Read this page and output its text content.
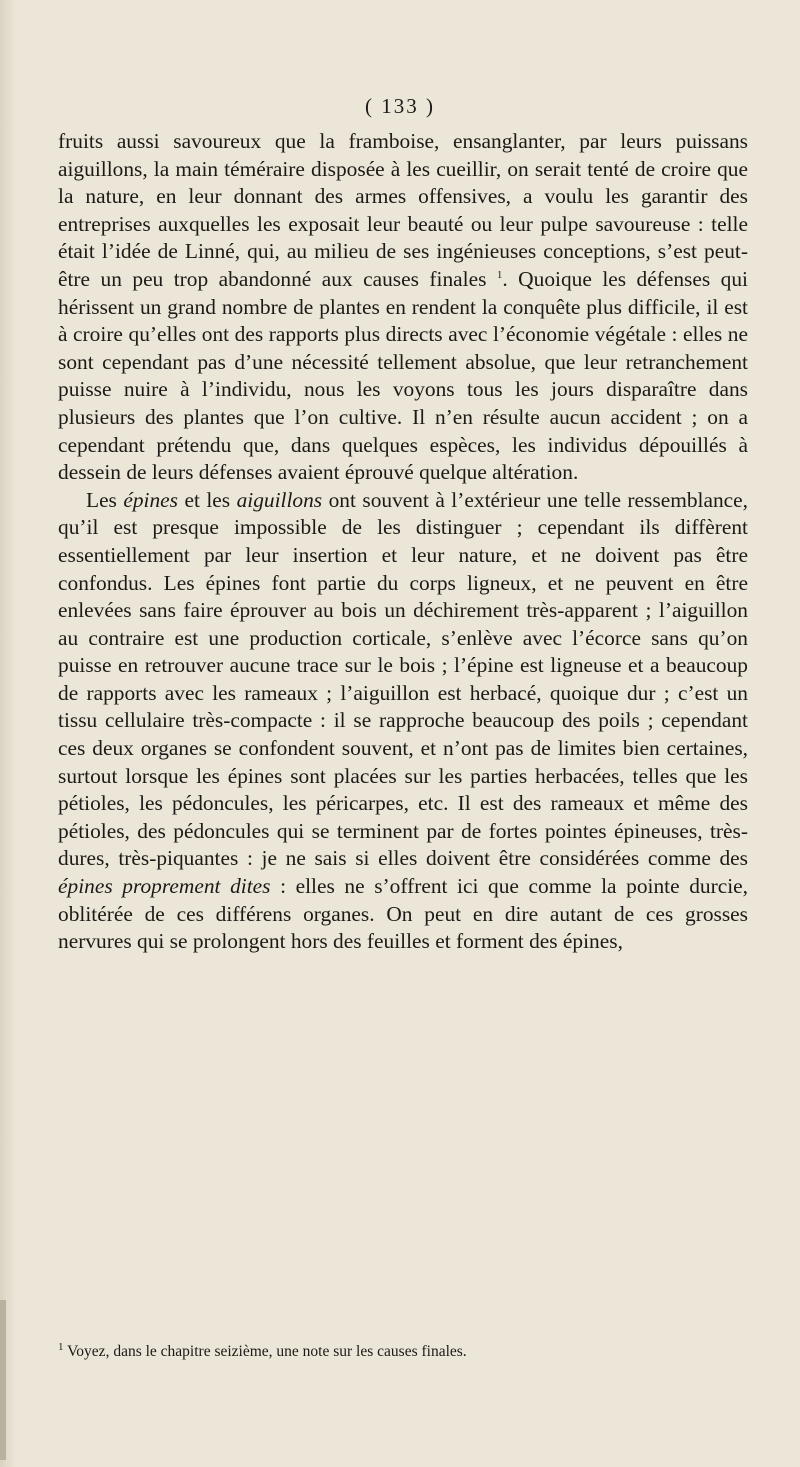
( 133 )

fruits aussi savoureux que la framboise, ensanglanter, par leurs puissans aiguillons, la main téméraire disposée à les cueillir, on serait tenté de croire que la nature, en leur donnant des armes offensives, a voulu les garantir des entreprises auxquelles les exposait leur beauté ou leur pulpe savoureuse : telle était l’idée de Linné, qui, au milieu de ses ingénieuses conceptions, s’est peut-être un peu trop abandonné aux causes finales $^1$. Quoique les défenses qui hérissent un grand nombre de plantes en rendent la conquête plus difficile, il est à croire qu’elles ont des rapports plus directs avec l’économie végétale : elles ne sont cependant pas d’une nécessité tellement absolue, que leur retranchement puisse nuire à l’individu, nous les voyons tous les jours disparaître dans plusieurs des plantes que l’on cultive. Il n’en résulte aucun accident ; on a cependant prétendu que, dans quelques espèces, les individus dépouillés à dessein de leurs défenses avaient éprouvé quelque altération.

Les épines et les aiguillons ont souvent à l’extérieur une telle ressemblance, qu’il est presque impossible de les distinguer ; cependant ils diffèrent essentiellement par leur insertion et leur nature, et ne doivent pas être confondus. Les épines font partie du corps ligneux, et ne peuvent en être enlevées sans faire éprouver au bois un déchirement très-apparent ; l’aiguillon au contraire est une production corticale, s’enlève avec l’écorce sans qu’on puisse en retrouver aucune trace sur le bois ; l’épine est ligneuse et a beaucoup de rapports avec les rameaux ; l’aiguillon est herbacé, quoique dur ; c’est un tissu cellulaire très-compacte : il se rapproche beaucoup des poils ; cependant ces deux organes se confondent souvent, et n’ont pas de limites bien certaines, surtout lorsque les épines sont placées sur les parties herbacées, telles que les pétioles, les pédoncules, les péricarpes, etc. Il est des rameaux et même des pétioles, des pédoncules qui se terminent par de fortes pointes épineuses, très-dures, très-piquantes : je ne sais si elles doivent être considérées comme des épines proprement dites : elles ne s’offrent ici que comme la pointe durcie, oblitérée de ces différens organes. On peut en dire autant de ces grosses nervures qui se prolongent hors des feuilles et forment des épines,

$^1$ Voyez, dans le chapitre seizième, une note sur les causes finales.
